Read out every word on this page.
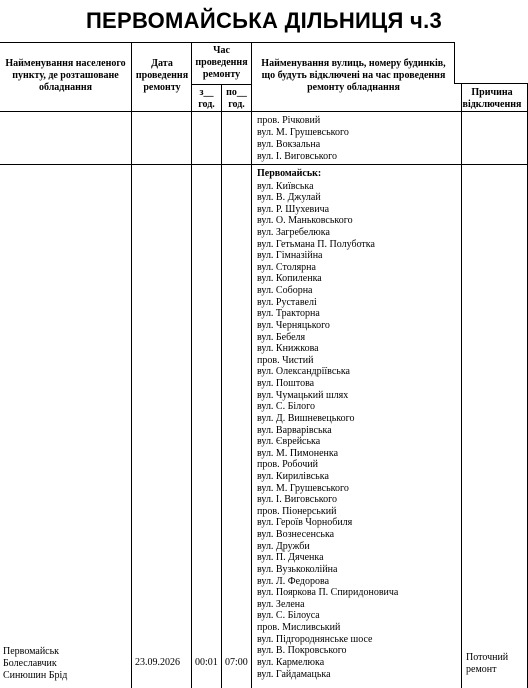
ПЕРВОМАЙСЬКА ДІЛЬНИЦЯ ч.3
Найменування населеного пункту, де розташоване обладнання
Дата проведення ремонту
Час проведення ремонту
з__ год.
по__ год.
Найменування вулиць, номеру будинків, що будуть відключені на час проведення ремонту обладнання	Причина відключення
пров. Річковий
вул. М. Грушевського
вул. Вокзальна
вул. І. Виговського
Первомайськ:
вул. Київська
вул. В. Джулай
вул. Р. Шухевича
вул. О. Маньковського
вул. Загребелюка
вул. Гетьмана П. Полуботка
вул. Гімназійна
вул. Столярна
вул. Копиленка
вул. Соборна
вул. Руставелі
вул. Тракторна
вул. Черняцького
вул. Бебеля
вул. Книжкова
пров. Чистий
вул. Олександріївська
вул. Поштова
вул. Чумацький шлях
вул. С. Білого
вул. Д. Вишневецького
вул. Варварівська
вул. Єврейська
вул. М. Пимоненка
пров. Робочий
вул. Кирилівська
вул. М. Грушевського
вул. І. Виговського
пров. Піонерський
вул. Героїв Чорнобиля
вул. Вознесенська
вул. Дружби
вул. П. Дяченка
вул. Вузькоколійна
вул. Л. Федорова
вул. Пояркова П. Спиридоновича
вул. Зелена
вул. С. Білоуса
пров. Мисливський
вул. Підгороднянське шосе
вул. В. Покровського
вул. Кармелюка
вул. Гайдамацька
Первомайськ
Болеславчик
Синюшин Брід
23.09.2026 00:01 07:00	Поточний
ремонт
